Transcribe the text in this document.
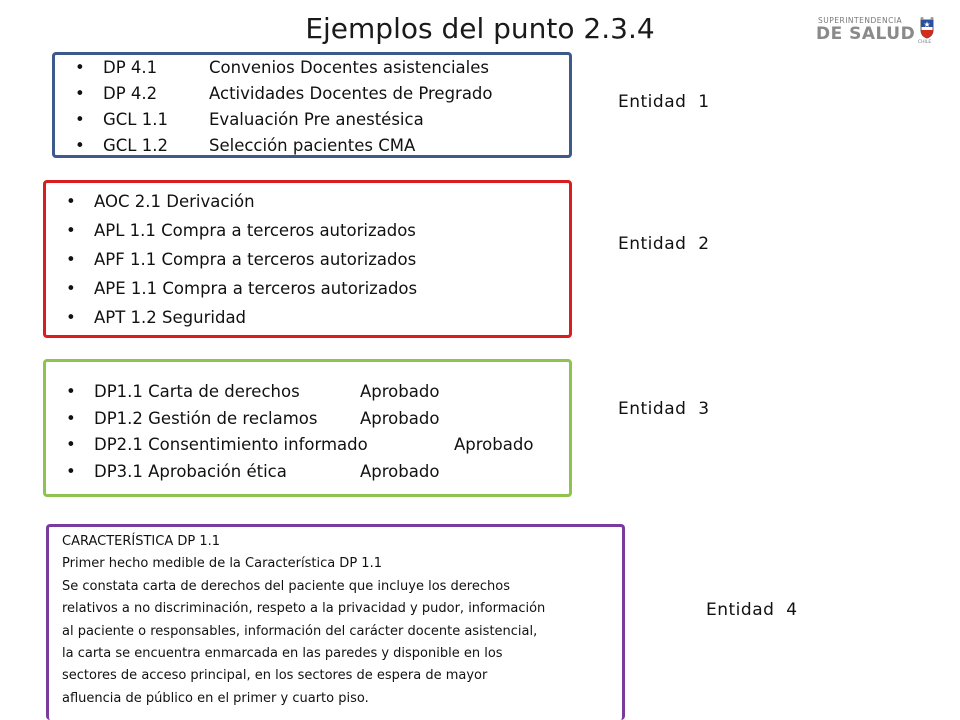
Ejemplos del punto 2.3.4	SUPERINTENDENCIA
DE SALUD CHILE
• DP 4.1	Convenios Docentes asistenciales
• DP 4.2	Actividades Docentes de Pregrado
• GCL 1.1 Evaluación Pre anestésica
• GCL 1.2 Selección pacientes CMA
• AOC 2.1 Derivación
• APL 1.1 Compra a terceros autorizados
• APF 1.1 Compra a terceros autorizados
• APE 1.1 Compra a terceros autorizados
• APT 1.2 Seguridad
• DP1.1 Carta de derechos	Aprobado
• DP1.2 Gestión de reclamos	Aprobado
• DP2.1 Consentimiento informado	Aprobado
• DP3.1 Aprobación ética	Aprobado

CARACTERÍSTICA DP 1.1

Primer hecho medible de la Característica DP 1.1

Se constata carta de derechos del paciente que incluye los derechos

relativos a no discriminación, respeto a la privacidad y pudor, información

al paciente o responsables, información del carácter docente asistencial,

la carta se encuentra enmarcada en las paredes y disponible en los

sectores de acceso principal, en los sectores de espera de mayor

afluencia de público en el primer y cuarto piso.

Entidad  1
Entidad  2
Entidad  3
Entidad  4
